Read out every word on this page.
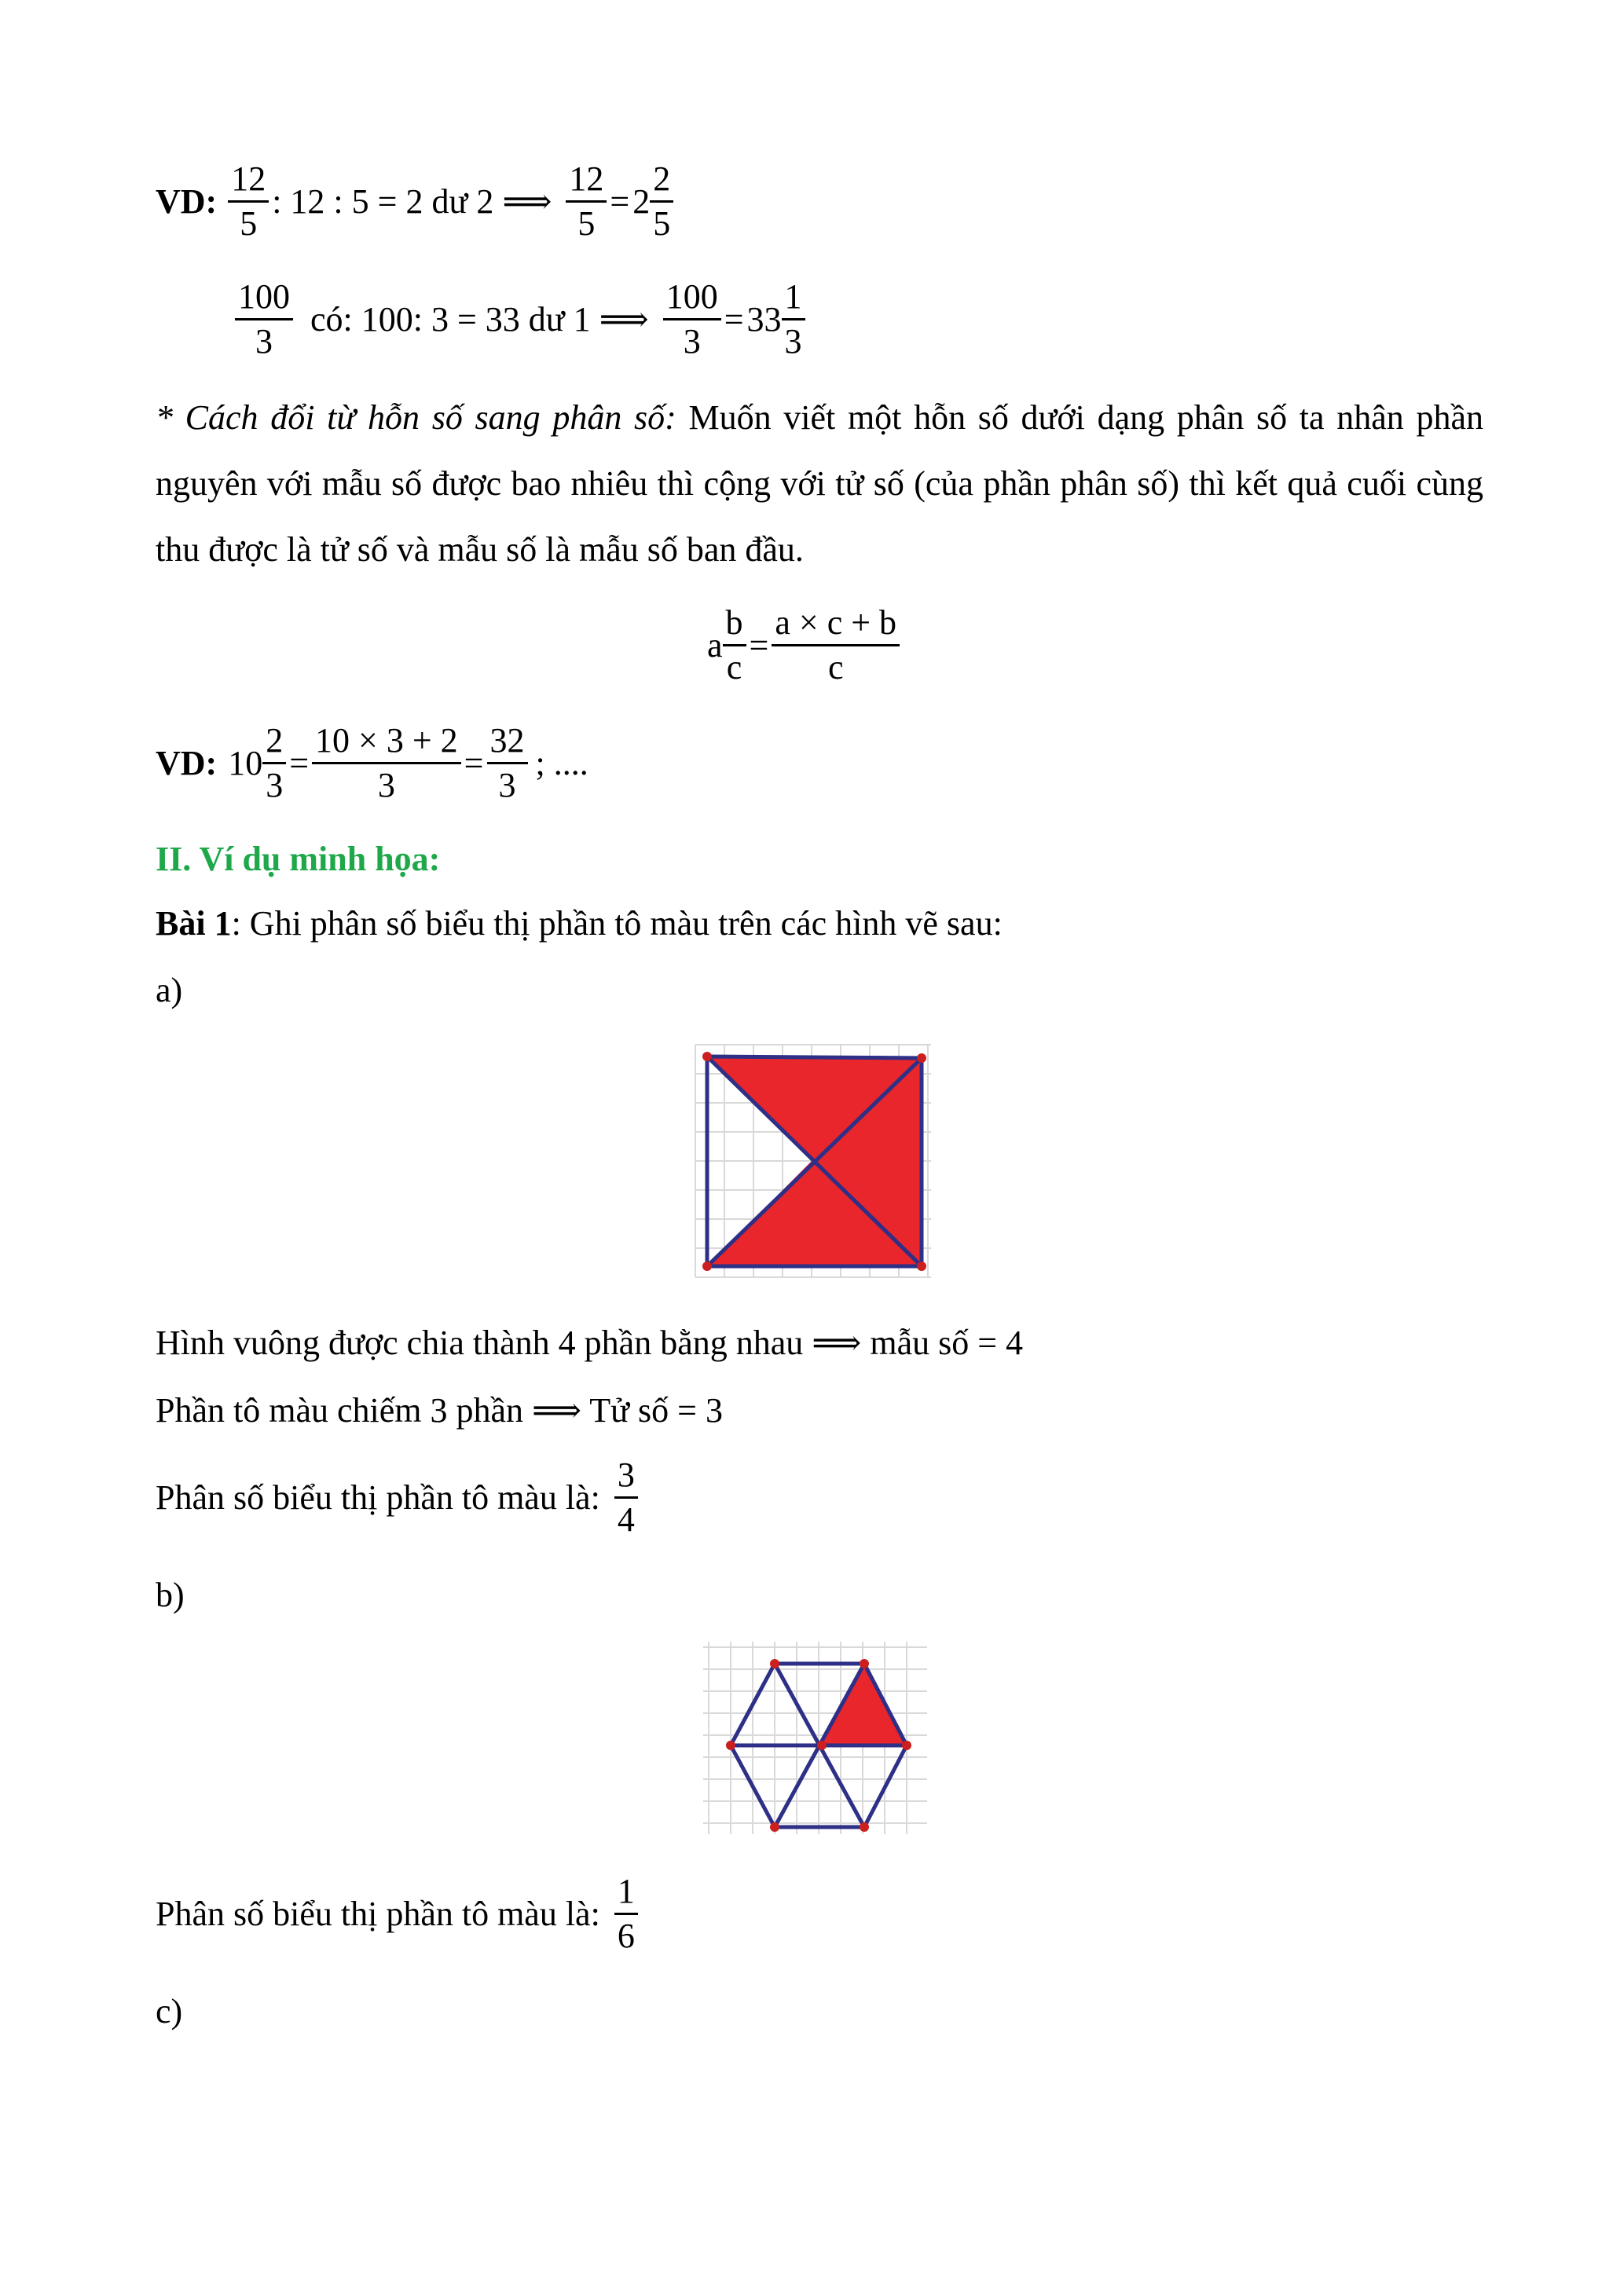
VD: $\frac{12}{5}$ : 12 : 5 = 2 dư 2 ⟹ $\frac{12}{5} = 2 \frac{2}{5}$
$\frac{100}{3}$ có: 100: 3 = 33 dư 1 ⟹ $\frac{100}{3} = 33 \frac{1}{3}$
* Cách đổi từ hỗn số sang phân số: Muốn viết một hỗn số dưới dạng phân số ta nhân phần nguyên với mẫu số được bao nhiêu thì cộng với tử số (của phần phân số) thì kết quả cuối cùng thu được là tử số và mẫu số là mẫu số ban đầu.
a $\frac{b}{c} = \frac{a \times c + b}{c}$
VD: $10 \frac{2}{3} = \frac{10 \times 3 + 2}{3} = \frac{32}{3}$ ; ....
II. Ví dụ minh họa:
Bài 1: Ghi phân số biểu thị phần tô màu trên các hình vẽ sau:
a)
Hình vuông được chia thành 4 phần bằng nhau ⟹ mẫu số = 4
Phần tô màu chiếm 3 phần ⟹ Tử số = 3
Phân số biểu thị phần tô màu là: $\frac{3}{4}$
b)
Phân số biểu thị phần tô màu là: $\frac{1}{6}$
c)
